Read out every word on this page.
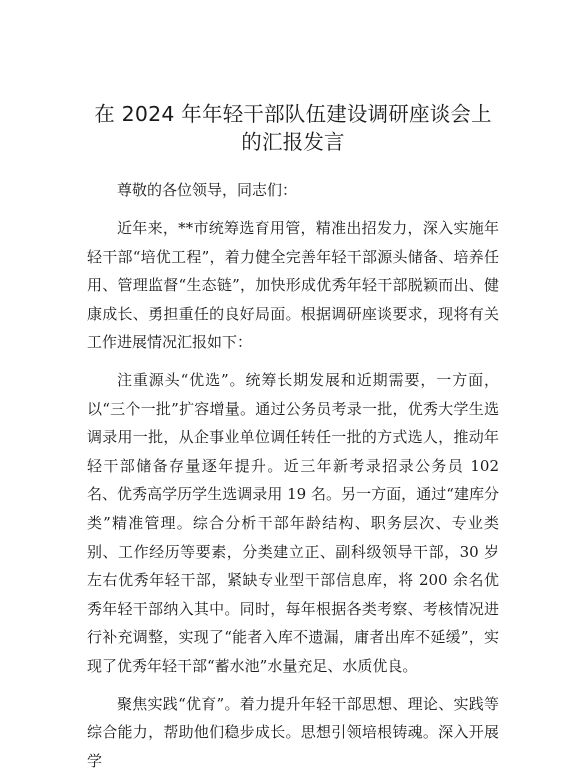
在 2024 年年轻干部队伍建设调研座谈会上的汇报发言

尊敬的各位领导，同志们：

近年来，**市统筹选育用管，精准出招发力，深入实施年轻干部“培优工程”，着力健全完善年轻干部源头储备、培养任用、管理监督“生态链”，加快形成优秀年轻干部脱颖而出、健康成长、勇担重任的良好局面。根据调研座谈要求，现将有关工作进展情况汇报如下：

注重源头“优选”。统筹长期发展和近期需要，一方面，以“三个一批”扩容增量。通过公务员考录一批，优秀大学生选调录用一批，从企事业单位调任转任一批的方式选人，推动年轻干部储备存量逐年提升。近三年新考录招录公务员 102 名、优秀高学历学生选调录用 19 名。另一方面，通过“建库分类”精准管理。综合分析干部年龄结构、职务层次、专业类别、工作经历等要素，分类建立正、副科级领导干部，30 岁左右优秀年轻干部，紧缺专业型干部信息库，将 200 余名优秀年轻干部纳入其中。同时，每年根据各类考察、考核情况进行补充调整，实现了“能者入库不遗漏，庸者出库不延缓”，实现了优秀年轻干部“蓄水池”水量充足、水质优良。

聚焦实践“优育”。着力提升年轻干部思想、理论、实践等综合能力，帮助他们稳步成长。思想引领培根铸魂。深入开展学
